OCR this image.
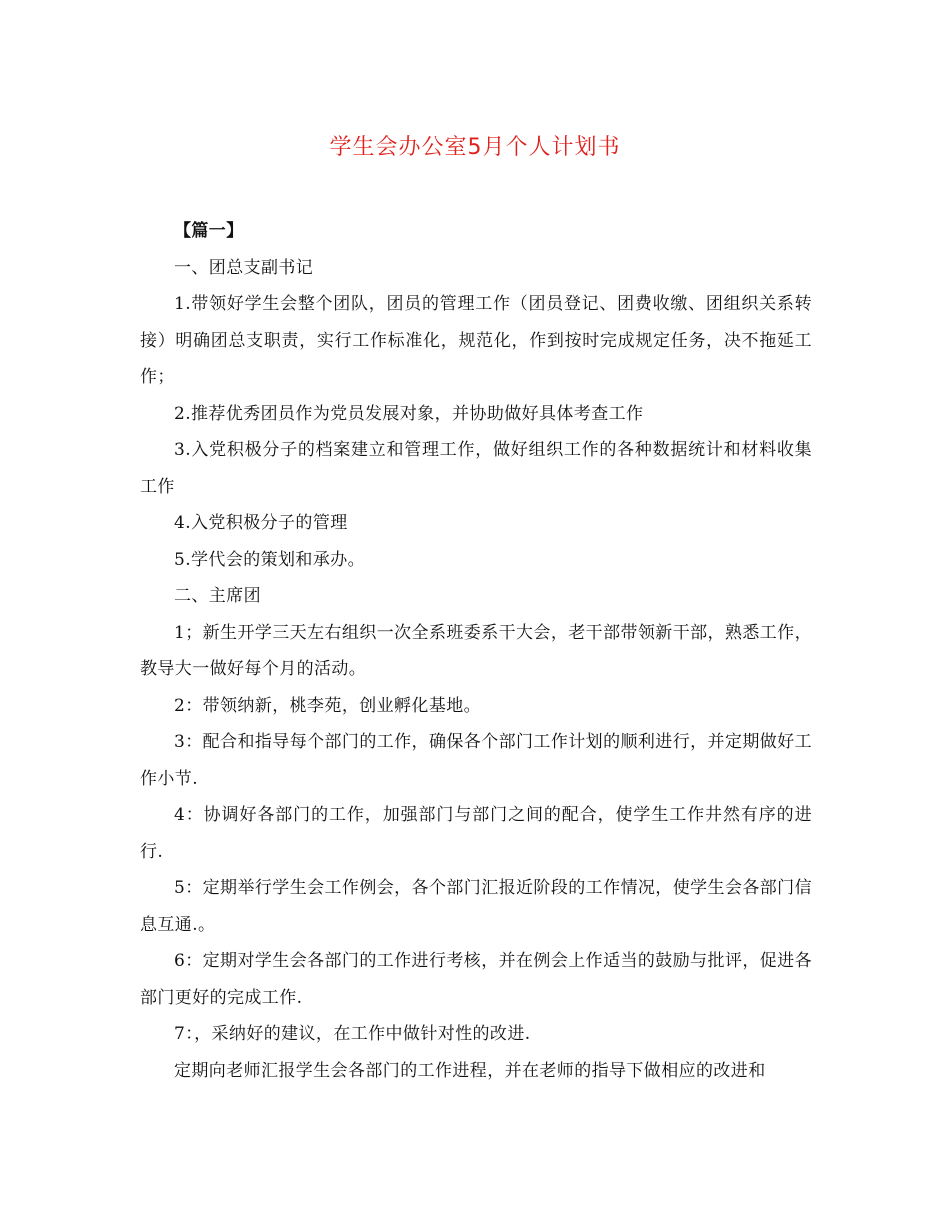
学生会办公室5月个人计划书

【篇一】

一、团总支副书记

1.带领好学生会整个团队，团员的管理工作（团员登记、团费收缴、团组织关系转接）明确团总支职责，实行工作标准化，规范化，作到按时完成规定任务，决不拖延工作；

2.推荐优秀团员作为党员发展对象，并协助做好具体考查工作

3.入党积极分子的档案建立和管理工作，做好组织工作的各种数据统计和材料收集工作

4.入党积极分子的管理

5.学代会的策划和承办。

二、主席团

1；新生开学三天左右组织一次全系班委系干大会，老干部带领新干部，熟悉工作，教导大一做好每个月的活动。

2：带领纳新，桃李苑，创业孵化基地。

3：配合和指导每个部门的工作，确保各个部门工作计划的顺利进行，并定期做好工作小节.

4：协调好各部门的工作，加强部门与部门之间的配合，使学生工作井然有序的进行.

5：定期举行学生会工作例会，各个部门汇报近阶段的工作情况，使学生会各部门信息互通.。

6：定期对学生会各部门的工作进行考核，并在例会上作适当的鼓励与批评，促进各部门更好的完成工作.

7：，采纳好的建议，在工作中做针对性的改进.

定期向老师汇报学生会各部门的工作进程，并在老师的指导下做相应的改进和
